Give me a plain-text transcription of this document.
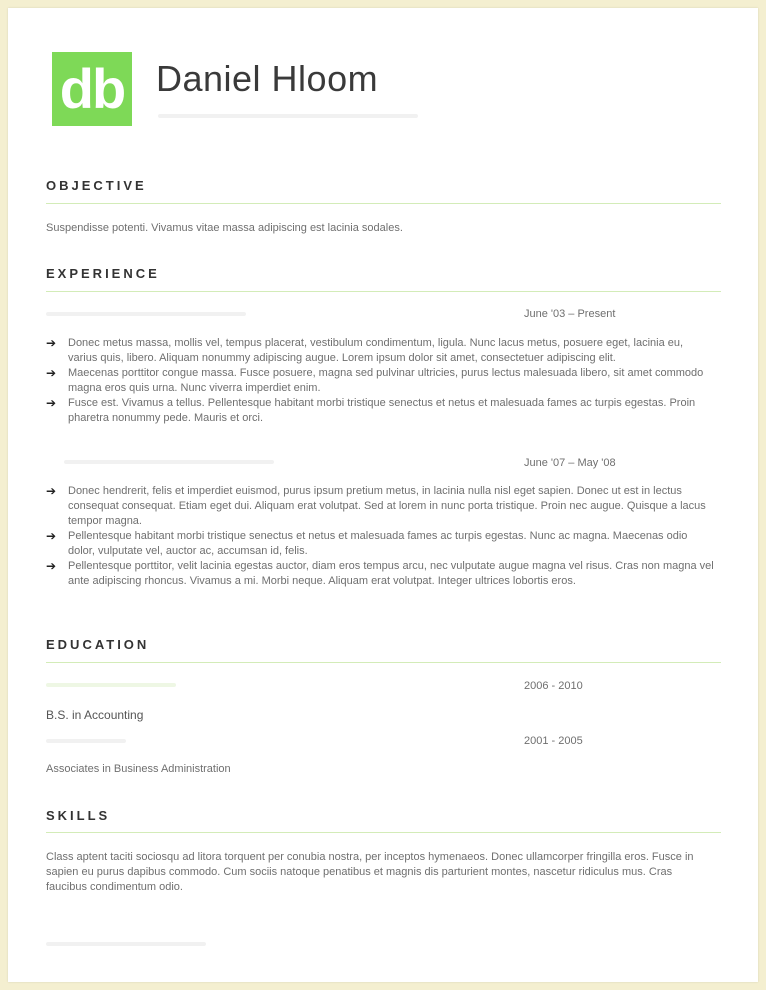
db Daniel Hloom
OBJECTIVE
Suspendisse potenti. Vivamus vitae massa adipiscing est lacinia sodales.
EXPERIENCE
June '03 – Present
➔ Donec metus massa, mollis vel, tempus placerat, vestibulum condimentum, ligula. Nunc lacus metus, posuere eget, lacinia eu, varius quis, libero. Aliquam nonummy adipiscing augue. Lorem ipsum dolor sit amet, consectetuer adipiscing elit.
➔ Maecenas porttitor congue massa. Fusce posuere, magna sed pulvinar ultricies, purus lectus malesuada libero, sit amet commodo magna eros quis urna. Nunc viverra imperdiet enim.
➔ Fusce est. Vivamus a tellus. Pellentesque habitant morbi tristique senectus et netus et malesuada fames ac turpis egestas. Proin pharetra nonummy pede. Mauris et orci.
June '07 – May '08
➔ Donec hendrerit, felis et imperdiet euismod, purus ipsum pretium metus, in lacinia nulla nisl eget sapien. Donec ut est in lectus consequat consequat. Etiam eget dui. Aliquam erat volutpat. Sed at lorem in nunc porta tristique. Proin nec augue. Quisque a lacus tempor magna.
➔ Pellentesque habitant morbi tristique senectus et netus et malesuada fames ac turpis egestas. Nunc ac magna. Maecenas odio dolor, vulputate vel, auctor ac, accumsan id, felis.
➔ Pellentesque porttitor, velit lacinia egestas auctor, diam eros tempus arcu, nec vulputate augue magna vel risus. Cras non magna vel ante adipiscing rhoncus. Vivamus a mi. Morbi neque. Aliquam erat volutpat. Integer ultrices lobortis eros.
EDUCATION
2006 - 2010
B.S. in Accounting
2001 - 2005
Associates in Business Administration
SKILLS
Class aptent taciti sociosqu ad litora torquent per conubia nostra, per inceptos hymenaeos. Donec ullamcorper fringilla eros. Fusce in sapien eu purus dapibus commodo. Cum sociis natoque penatibus et magnis dis parturient montes, nascetur ridiculus mus. Cras faucibus condimentum odio.
